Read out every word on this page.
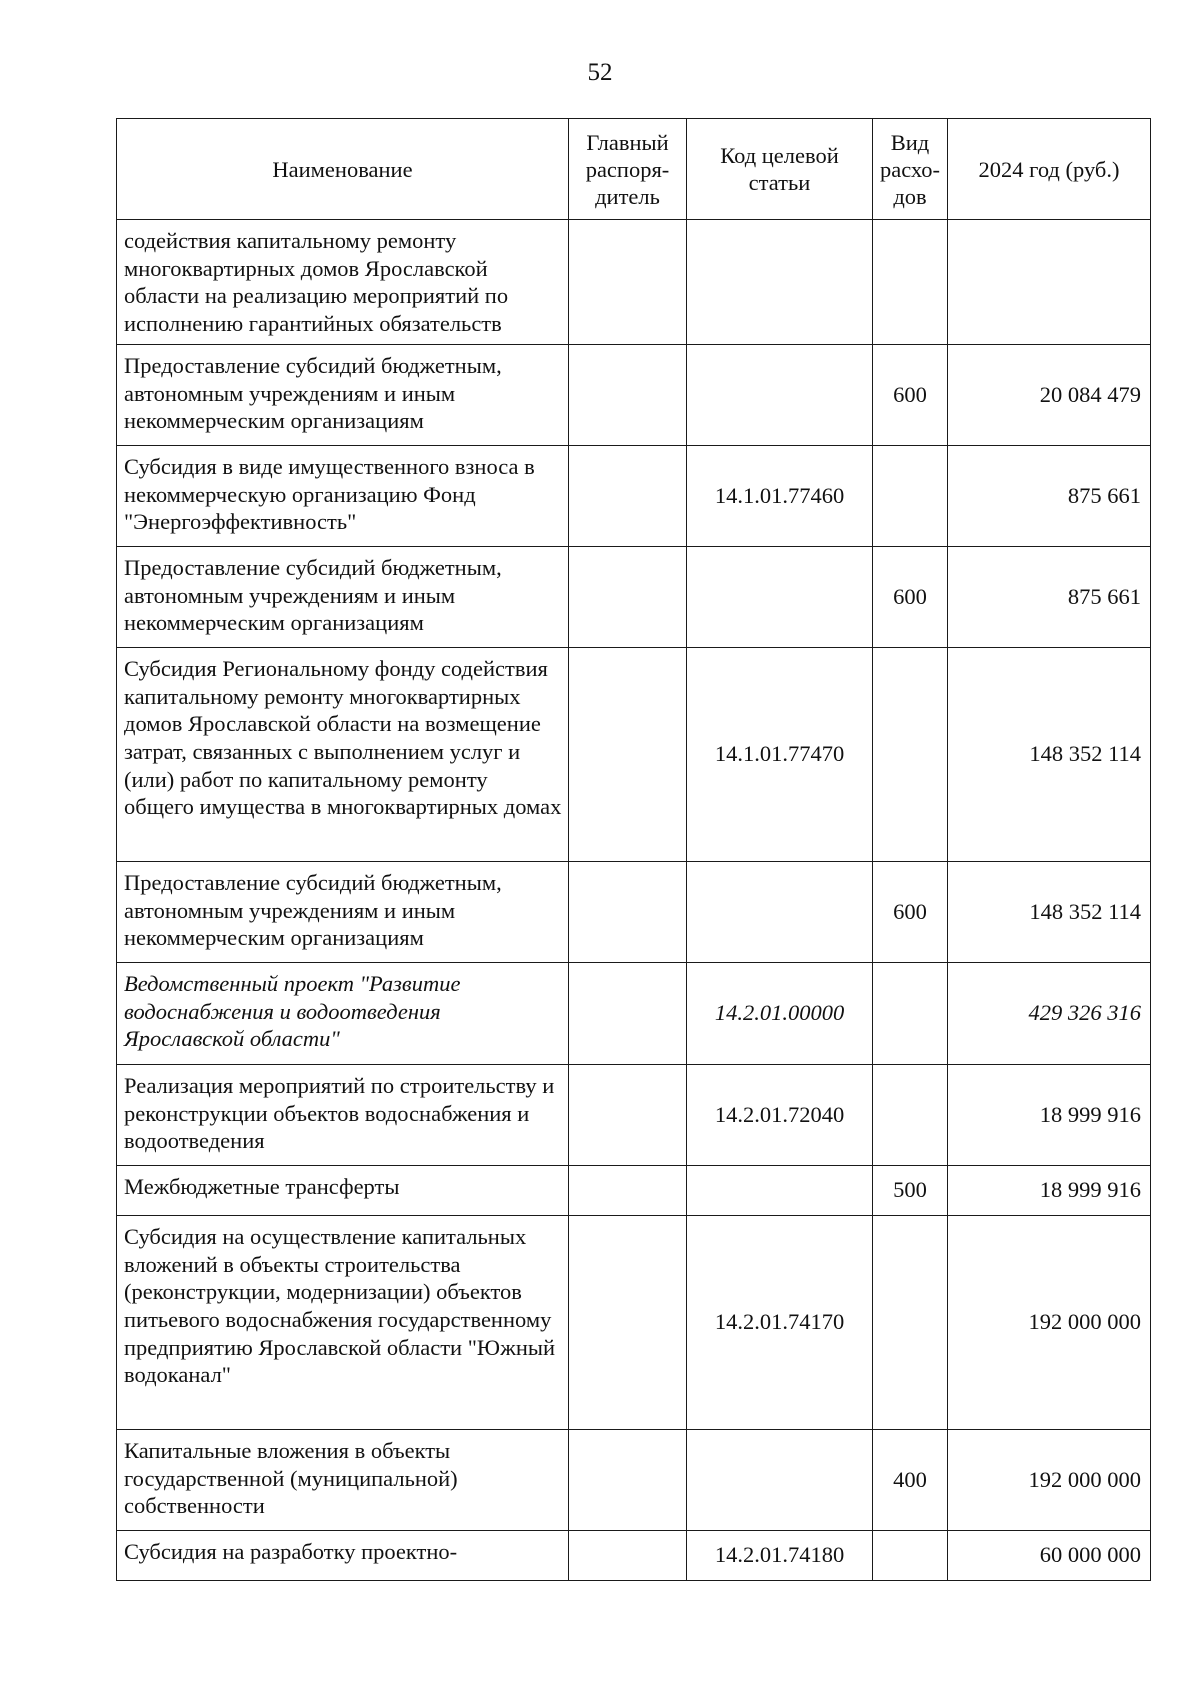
52
Наименование	Главный распоря-дитель	Код целевой статьи	Вид расхо-дов	2024 год (руб.)
содействия капитальному ремонту многоквартирных домов Ярославской области на реализацию мероприятий по исполнению гарантийных обязательств				
Предоставление субсидий бюджетным, автономным учреждениям и иным некоммерческим организациям			600	20 084 479
Субсидия в виде имущественного взноса в некоммерческую организацию Фонд "Энергоэффективность"		14.1.01.77460		875 661
Предоставление субсидий бюджетным, автономным учреждениям и иным некоммерческим организациям			600	875 661
Субсидия Региональному фонду содействия капитальному ремонту многоквартирных домов Ярославской области на возмещение затрат, связанных с выполнением услуг и (или) работ по капитальному ремонту общего имущества в многоквартирных домах		14.1.01.77470		148 352 114
Предоставление субсидий бюджетным, автономным учреждениям и иным некоммерческим организациям			600	148 352 114
Ведомственный проект "Развитие водоснабжения и водоотведения Ярославской области"		14.2.01.00000		429 326 316
Реализация мероприятий по строительству и реконструкции объектов водоснабжения и водоотведения		14.2.01.72040		18 999 916
Межбюджетные трансферты			500	18 999 916
Субсидия на осуществление капитальных вложений в объекты строительства (реконструкции, модернизации) объектов питьевого водоснабжения государственному предприятию Ярославской области "Южный водоканал"		14.2.01.74170		192 000 000
Капитальные вложения в объекты государственной (муниципальной) собственности			400	192 000 000
Субсидия на разработку проектно-		14.2.01.74180		60 000 000
